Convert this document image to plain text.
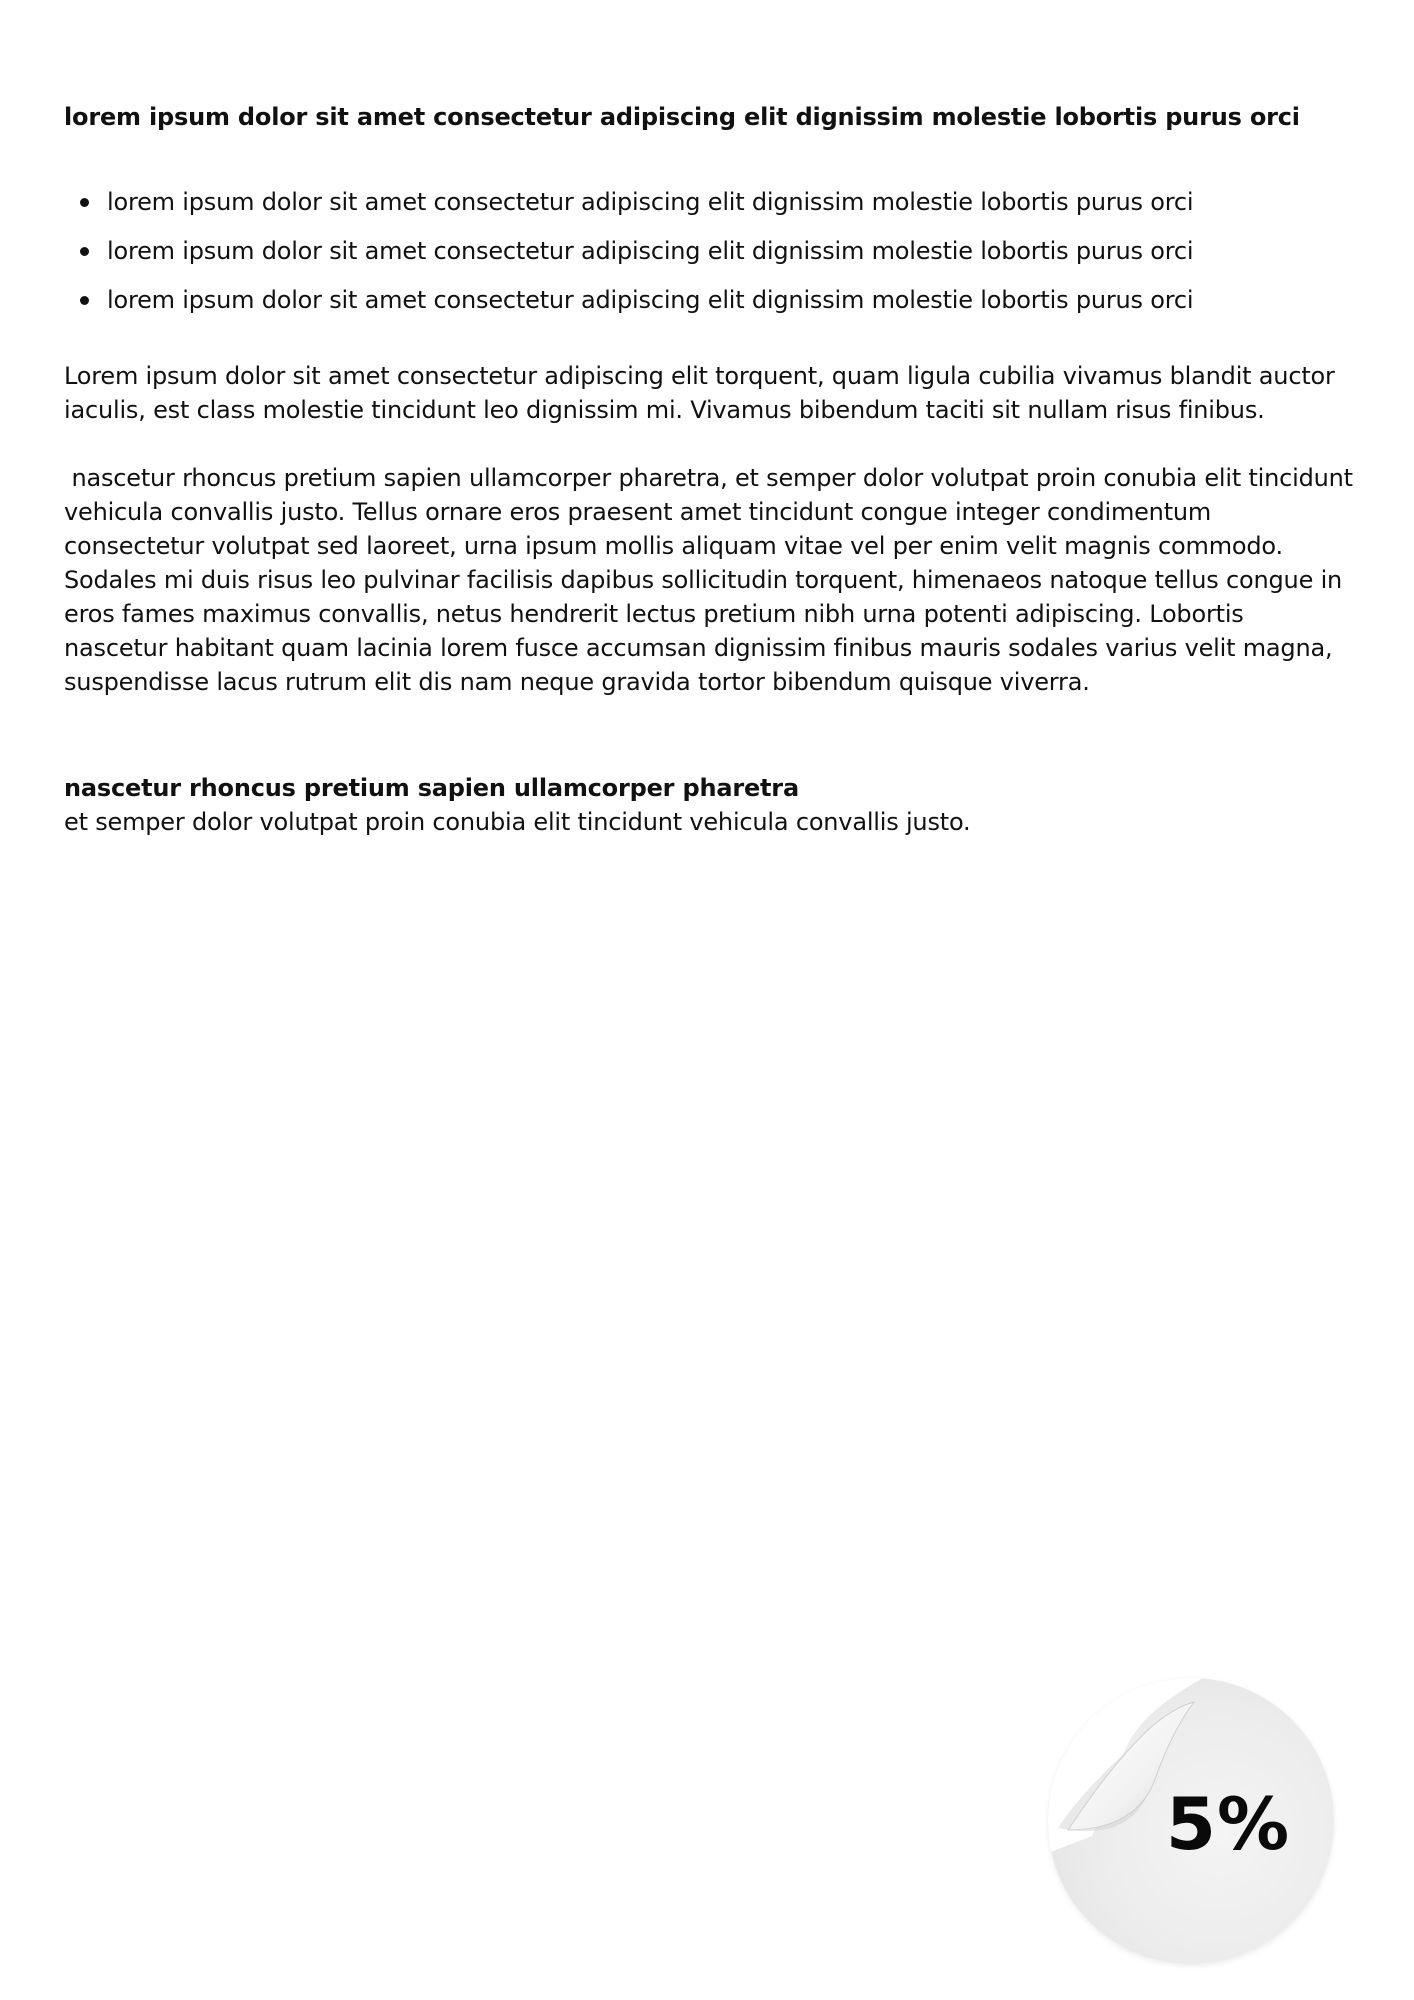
lorem ipsum dolor sit amet consectetur adipiscing elit dignissim molestie lobortis purus orci

lorem ipsum dolor sit amet consectetur adipiscing elit dignissim molestie lobortis purus orci
lorem ipsum dolor sit amet consectetur adipiscing elit dignissim molestie lobortis purus orci
lorem ipsum dolor sit amet consectetur adipiscing elit dignissim molestie lobortis purus orci

Lorem ipsum dolor sit amet consectetur adipiscing elit torquent, quam ligula cubilia vivamus blandit auctor iaculis, est class molestie tincidunt leo dignissim mi. Vivamus bibendum taciti sit nullam risus finibus.

nascetur rhoncus pretium sapien ullamcorper pharetra, et semper dolor volutpat proin conubia elit tincidunt vehicula convallis justo. Tellus ornare eros praesent amet tincidunt congue integer condimentum consectetur volutpat sed laoreet, urna ipsum mollis aliquam vitae vel per enim velit magnis commodo. Sodales mi duis risus leo pulvinar facilisis dapibus sollicitudin torquent, himenaeos natoque tellus congue in eros fames maximus convallis, netus hendrerit lectus pretium nibh urna potenti adipiscing. Lobortis nascetur habitant quam lacinia lorem fusce accumsan dignissim finibus mauris sodales varius velit magna, suspendisse lacus rutrum elit dis nam neque gravida tortor bibendum quisque viverra.

nascetur rhoncus pretium sapien ullamcorper pharetra
et semper dolor volutpat proin conubia elit tincidunt vehicula convallis justo.
5%
